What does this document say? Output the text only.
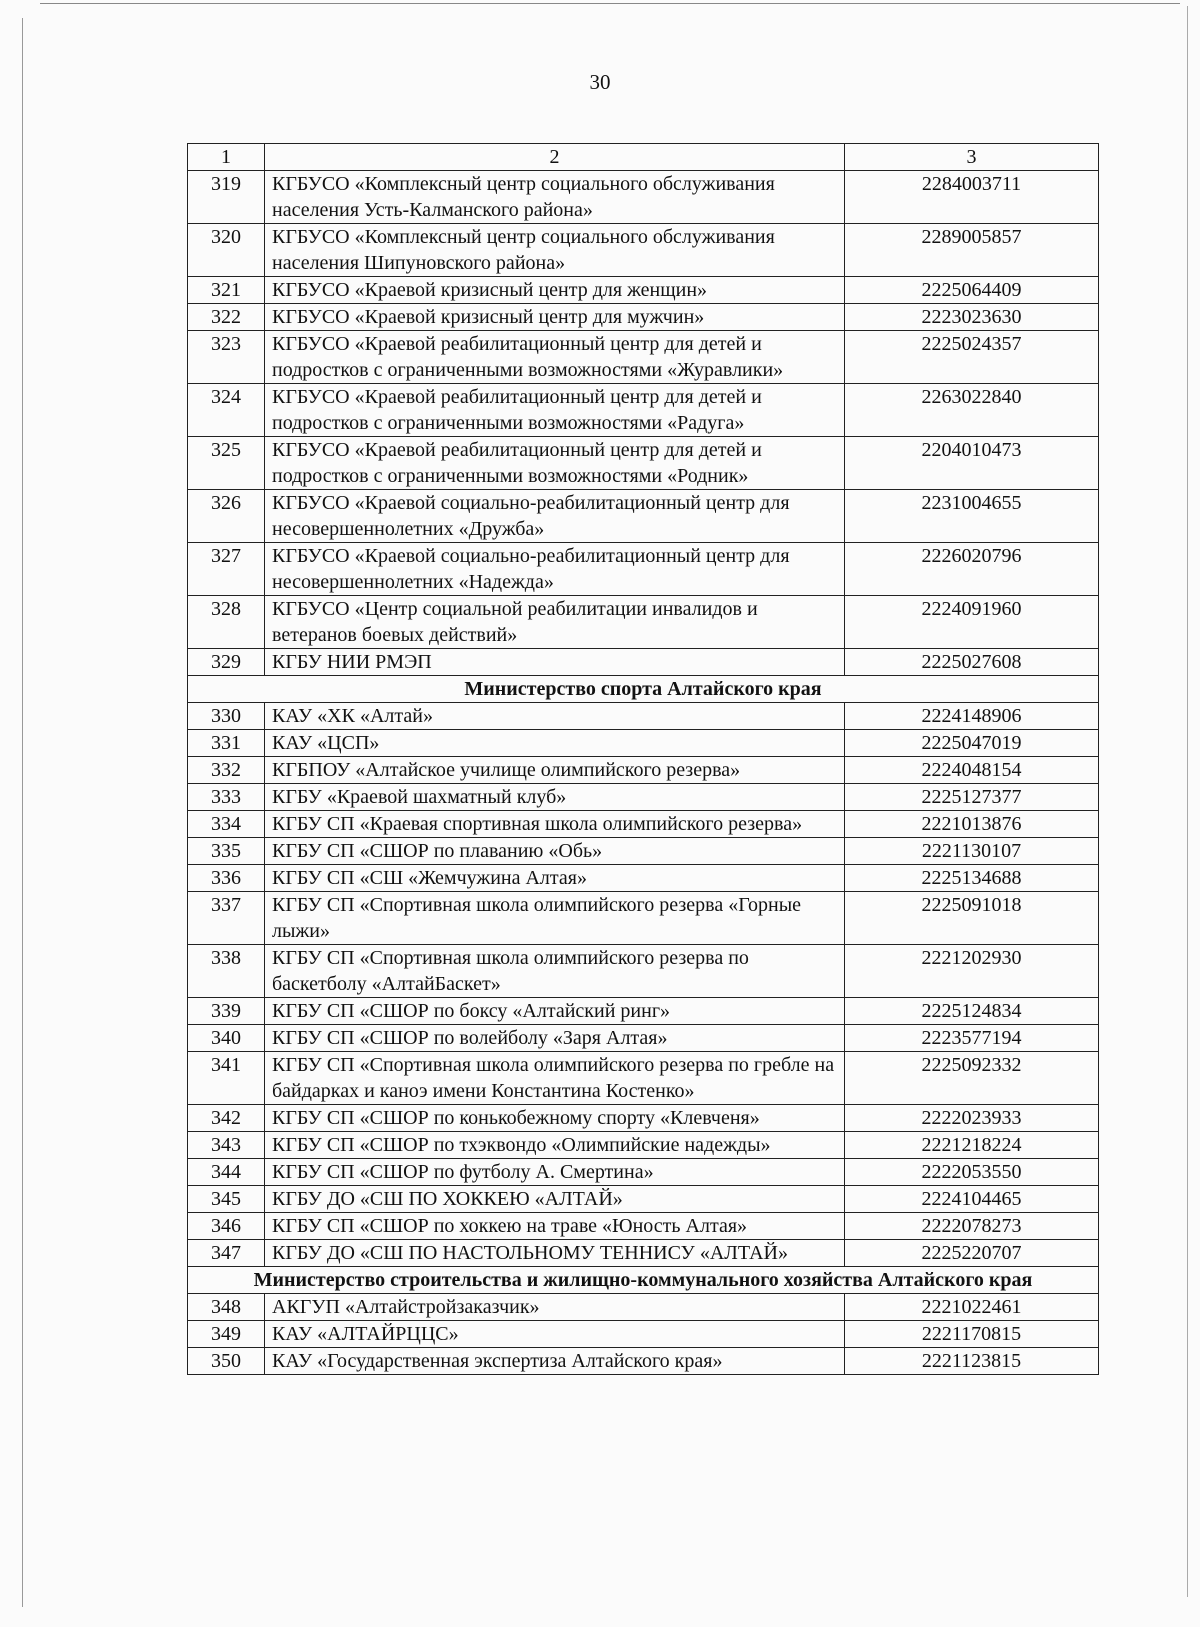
30
1	2	3
319	КГБУСО «Комплексный центр социального обслуживания населения Усть-Калманского района»	2284003711
320	КГБУСО «Комплексный центр социального обслуживания населения Шипуновского района»	2289005857
321	КГБУСО «Краевой кризисный центр для женщин»	2225064409
322	КГБУСО «Краевой кризисный центр для мужчин»	2223023630
323	КГБУСО «Краевой реабилитационный центр для детей и подростков с ограниченными возможностями «Журавлики»	2225024357
324	КГБУСО «Краевой реабилитационный центр для детей и подростков с ограниченными возможностями «Радуга»	2263022840
325	КГБУСО «Краевой реабилитационный центр для детей и подростков с ограниченными возможностями «Родник»	2204010473
326	КГБУСО «Краевой социально-реабилитационный центр для несовершеннолетних «Дружба»	2231004655
327	КГБУСО «Краевой социально-реабилитационный центр для несовершеннолетних «Надежда»	2226020796
328	КГБУСО «Центр социальной реабилитации инвалидов и ветеранов боевых действий»	2224091960
329	КГБУ НИИ РМЭП	2225027608
Министерство спорта Алтайского края		
330	КАУ «ХК «Алтай»	2224148906
331	КАУ «ЦСП»	2225047019
332	КГБПОУ «Алтайское училище олимпийского резерва»	2224048154
333	КГБУ «Краевой шахматный клуб»	2225127377
334	КГБУ СП «Краевая спортивная школа олимпийского резерва»	2221013876
335	КГБУ СП «СШОР по плаванию «Обь»	2221130107
336	КГБУ СП «СШ «Жемчужина Алтая»	2225134688
337	КГБУ СП «Спортивная школа олимпийского резерва «Горные лыжи»	2225091018
338	КГБУ СП «Спортивная школа олимпийского резерва по баскетболу «АлтайБаскет»	2221202930
339	КГБУ СП «СШОР по боксу «Алтайский ринг»	2225124834
340	КГБУ СП «СШОР по волейболу «Заря Алтая»	2223577194
341	КГБУ СП «Спортивная школа олимпийского резерва по гребле на байдарках и каноэ имени Константина Костенко»	2225092332
342	КГБУ СП «СШОР по конькобежному спорту «Клевченя»	2222023933
343	КГБУ СП «СШОР по тхэквондо «Олимпийские надежды»	2221218224
344	КГБУ СП «СШОР по футболу А. Смертина»	2222053550
345	КГБУ ДО «СШ ПО ХОККЕЮ «АЛТАЙ»	2224104465
346	КГБУ СП «СШОР по хоккею на траве «Юность Алтая»	2222078273
347	КГБУ ДО «СШ ПО НАСТОЛЬНОМУ ТЕННИСУ «АЛТАЙ»	2225220707
Министерство строительства и жилищно-коммунального хозяйства Алтайского края		
348	АКГУП «Алтайстройзаказчик»	2221022461
349	КАУ «АЛТАЙРЦЦС»	2221170815
350	КАУ «Государственная экспертиза Алтайского края»	2221123815
